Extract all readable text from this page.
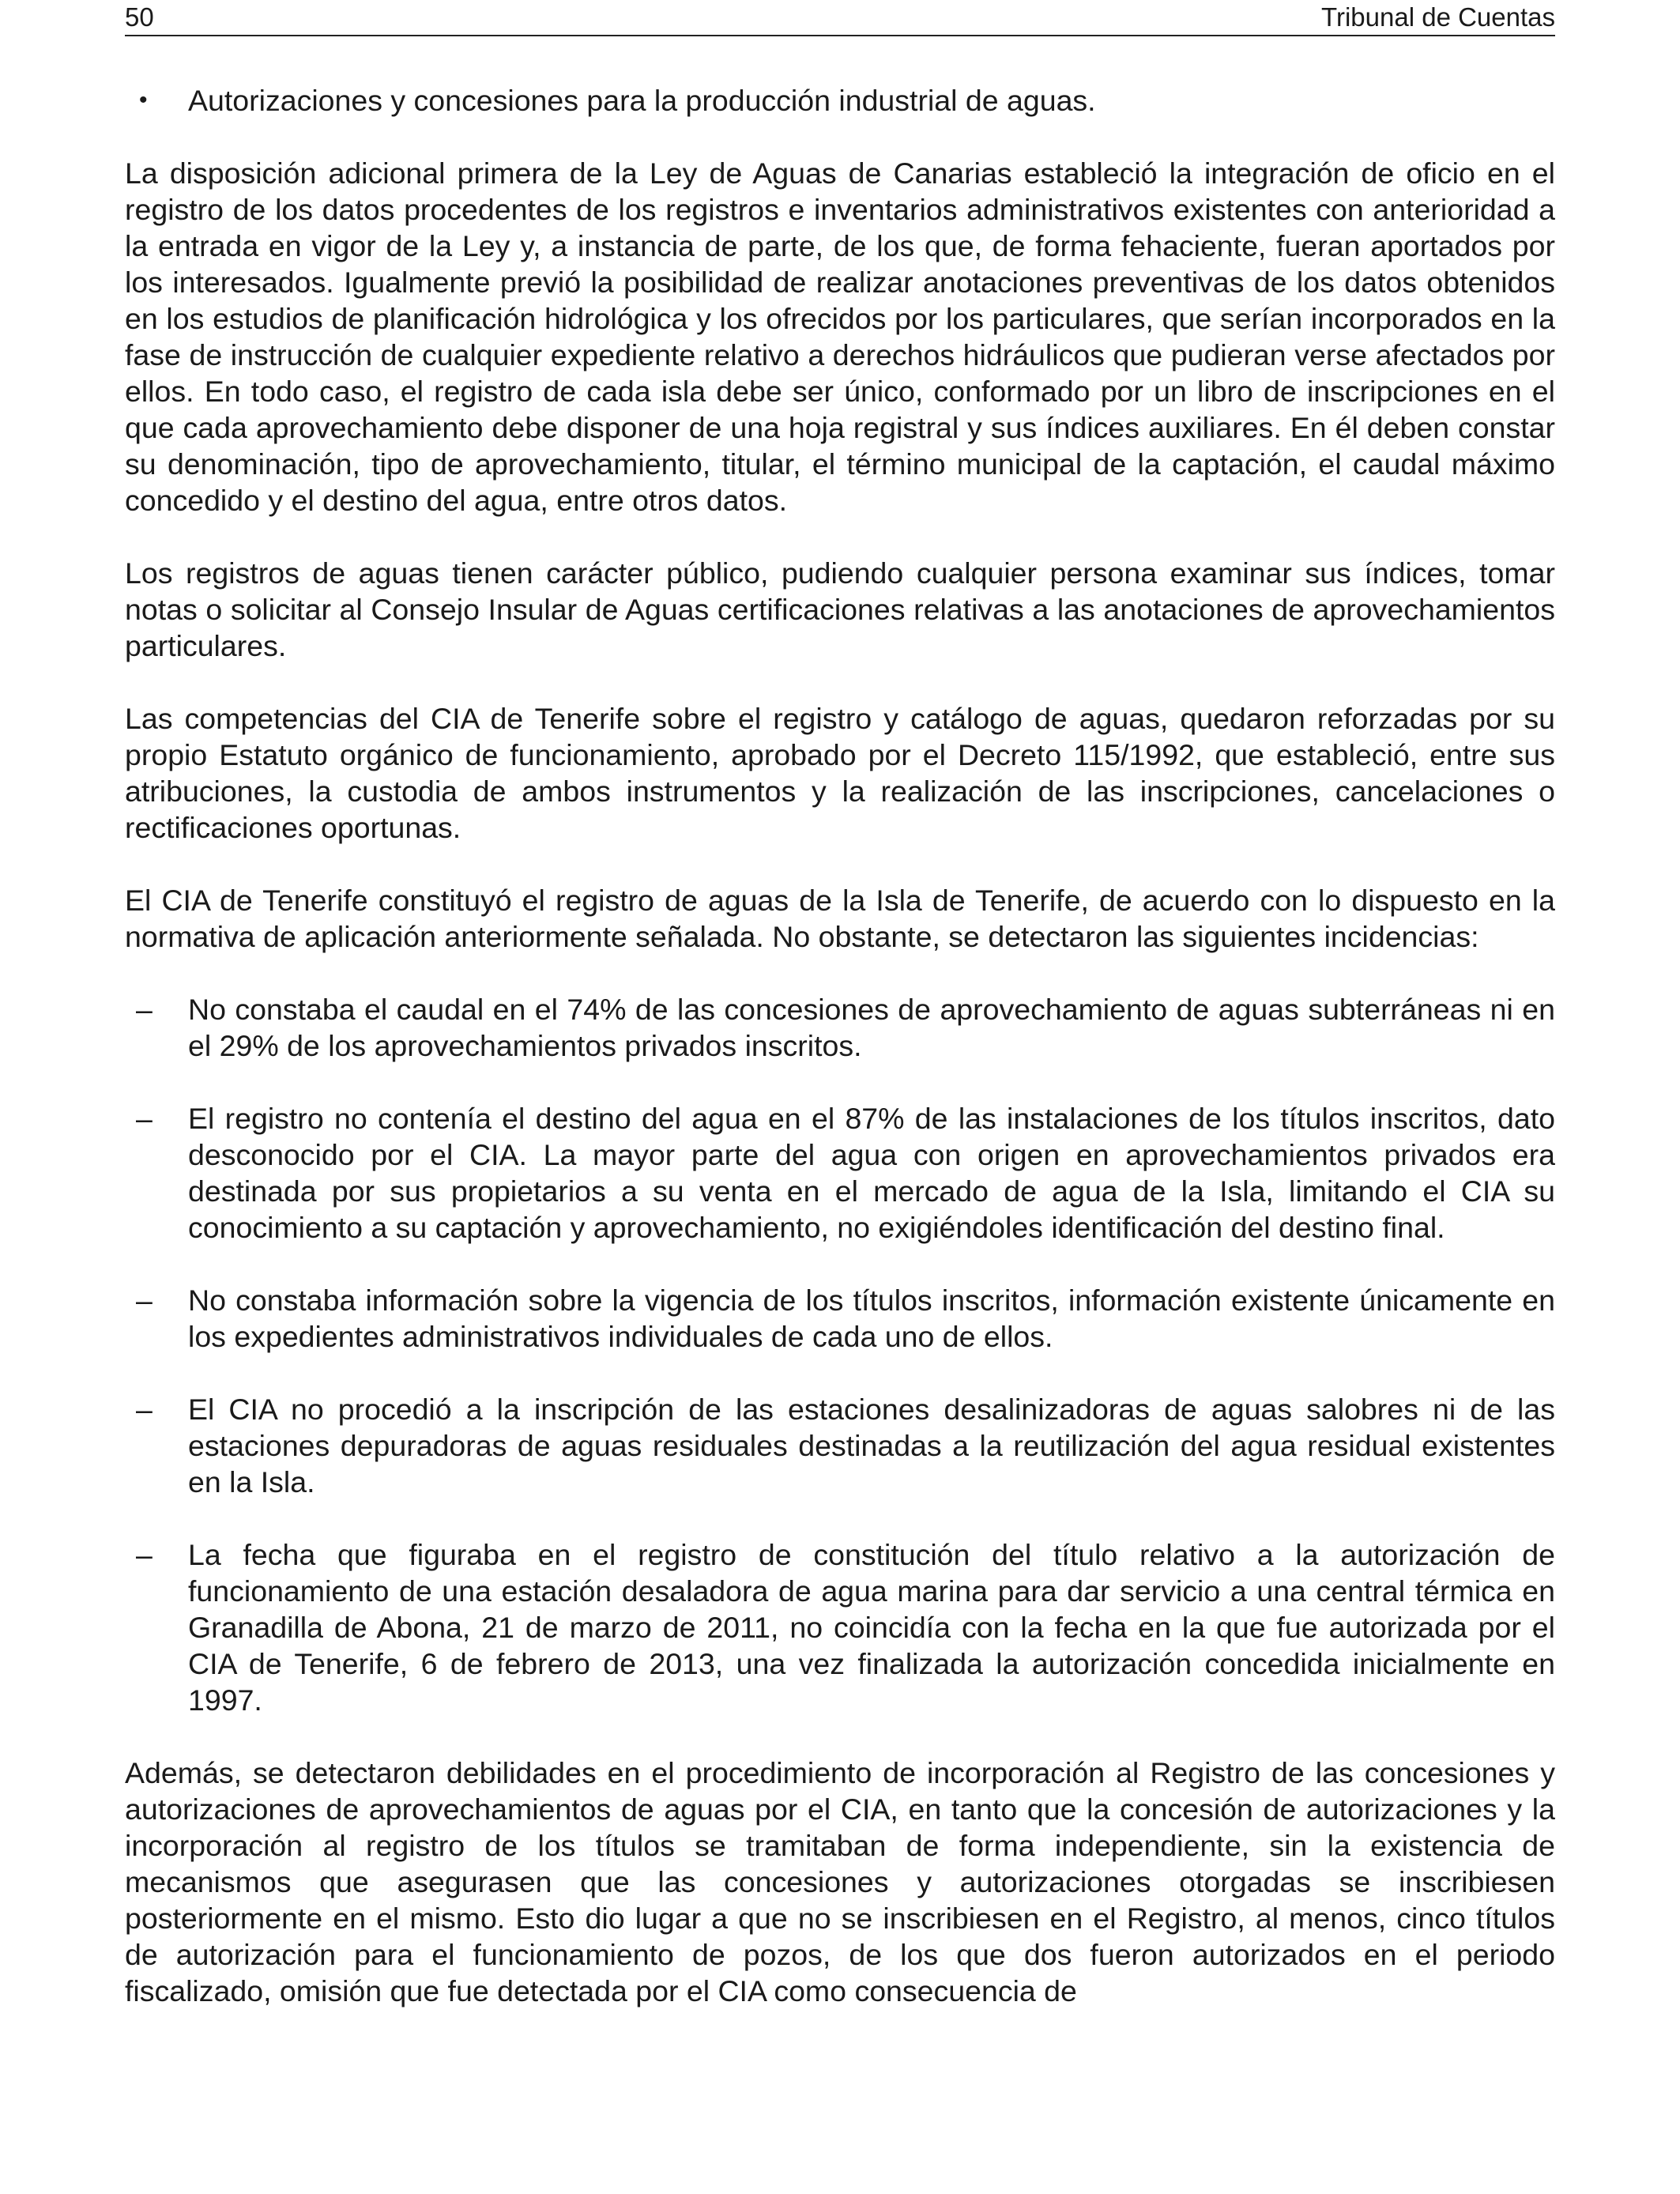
50	Tribunal de Cuentas
• Autorizaciones y concesiones para la producción industrial de aguas.

La disposición adicional primera de la Ley de Aguas de Canarias estableció la integración de oficio en el registro de los datos procedentes de los registros e inventarios administrativos existentes con anterioridad a la entrada en vigor de la Ley y, a instancia de parte, de los que, de forma fehaciente, fueran aportados por los interesados. Igualmente previó la posibilidad de realizar anotaciones preventivas de los datos obtenidos en los estudios de planificación hidrológica y los ofrecidos por los particulares, que serían incorporados en la fase de instrucción de cualquier expediente relativo a derechos hidráulicos que pudieran verse afectados por ellos. En todo caso, el registro de cada isla debe ser único, conformado por un libro de inscripciones en el que cada aprovechamiento debe disponer de una hoja registral y sus índices auxiliares. En él deben constar su denominación, tipo de aprovechamiento, titular, el término municipal de la captación, el caudal máximo concedido y el destino del agua, entre otros datos.

Los registros de aguas tienen carácter público, pudiendo cualquier persona examinar sus índices, tomar notas o solicitar al Consejo Insular de Aguas certificaciones relativas a las anotaciones de aprovechamientos particulares.

Las competencias del CIA de Tenerife sobre el registro y catálogo de aguas, quedaron reforzadas por su propio Estatuto orgánico de funcionamiento, aprobado por el Decreto 115/1992, que estableció, entre sus atribuciones, la custodia de ambos instrumentos y la realización de las inscripciones, cancelaciones o rectificaciones oportunas.

El CIA de Tenerife constituyó el registro de aguas de la Isla de Tenerife, de acuerdo con lo dispuesto en la normativa de aplicación anteriormente señalada. No obstante, se detectaron las siguientes incidencias:

– No constaba el caudal en el 74% de las concesiones de aprovechamiento de aguas subterráneas ni en el 29% de los aprovechamientos privados inscritos.
– El registro no contenía el destino del agua en el 87% de las instalaciones de los títulos inscritos, dato desconocido por el CIA. La mayor parte del agua con origen en aprovechamientos privados era destinada por sus propietarios a su venta en el mercado de agua de la Isla, limitando el CIA su conocimiento a su captación y aprovechamiento, no exigiéndoles identificación del destino final.
– No constaba información sobre la vigencia de los títulos inscritos, información existente únicamente en los expedientes administrativos individuales de cada uno de ellos.
– El CIA no procedió a la inscripción de las estaciones desalinizadoras de aguas salobres ni de las estaciones depuradoras de aguas residuales destinadas a la reutilización del agua residual existentes en la Isla.
– La fecha que figuraba en el registro de constitución del título relativo a la autorización de funcionamiento de una estación desaladora de agua marina para dar servicio a una central térmica en Granadilla de Abona, 21 de marzo de 2011, no coincidía con la fecha en la que fue autorizada por el CIA de Tenerife, 6 de febrero de 2013, una vez finalizada la autorización concedida inicialmente en 1997.

Además, se detectaron debilidades en el procedimiento de incorporación al Registro de las concesiones y autorizaciones de aprovechamientos de aguas por el CIA, en tanto que la concesión de autorizaciones y la incorporación al registro de los títulos se tramitaban de forma independiente, sin la existencia de mecanismos que asegurasen que las concesiones y autorizaciones otorgadas se inscribiesen posteriormente en el mismo. Esto dio lugar a que no se inscribiesen en el Registro, al menos, cinco títulos de autorización para el funcionamiento de pozos, de los que dos fueron autorizados en el periodo fiscalizado, omisión que fue detectada por el CIA como consecuencia de
